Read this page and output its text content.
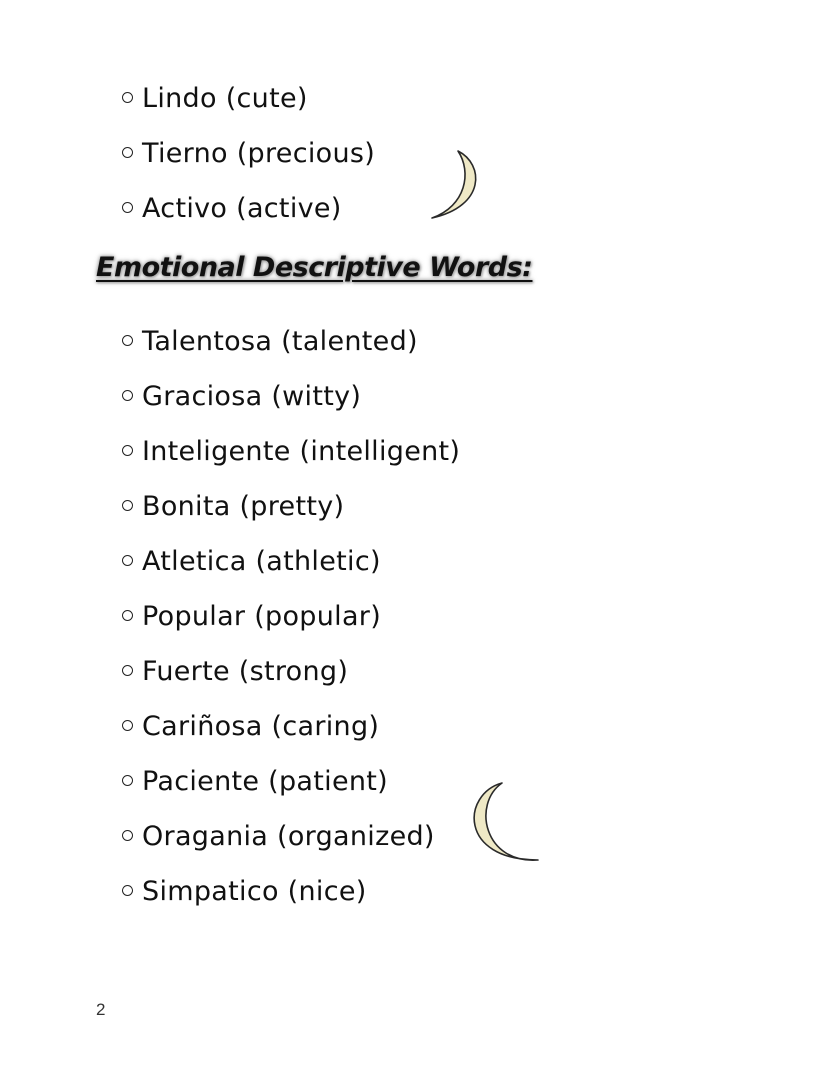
Lindo (cute)
Tierno (precious)
Activo (active)
Emotional Descriptive Words:
Talentosa (talented)
Graciosa (witty)
Inteligente (intelligent)
Bonita (pretty)
Atletica (athletic)
Popular (popular)
Fuerte (strong)
Cariñosa (caring)
Paciente (patient)
Oragania (organized)
Simpatico (nice)
2
